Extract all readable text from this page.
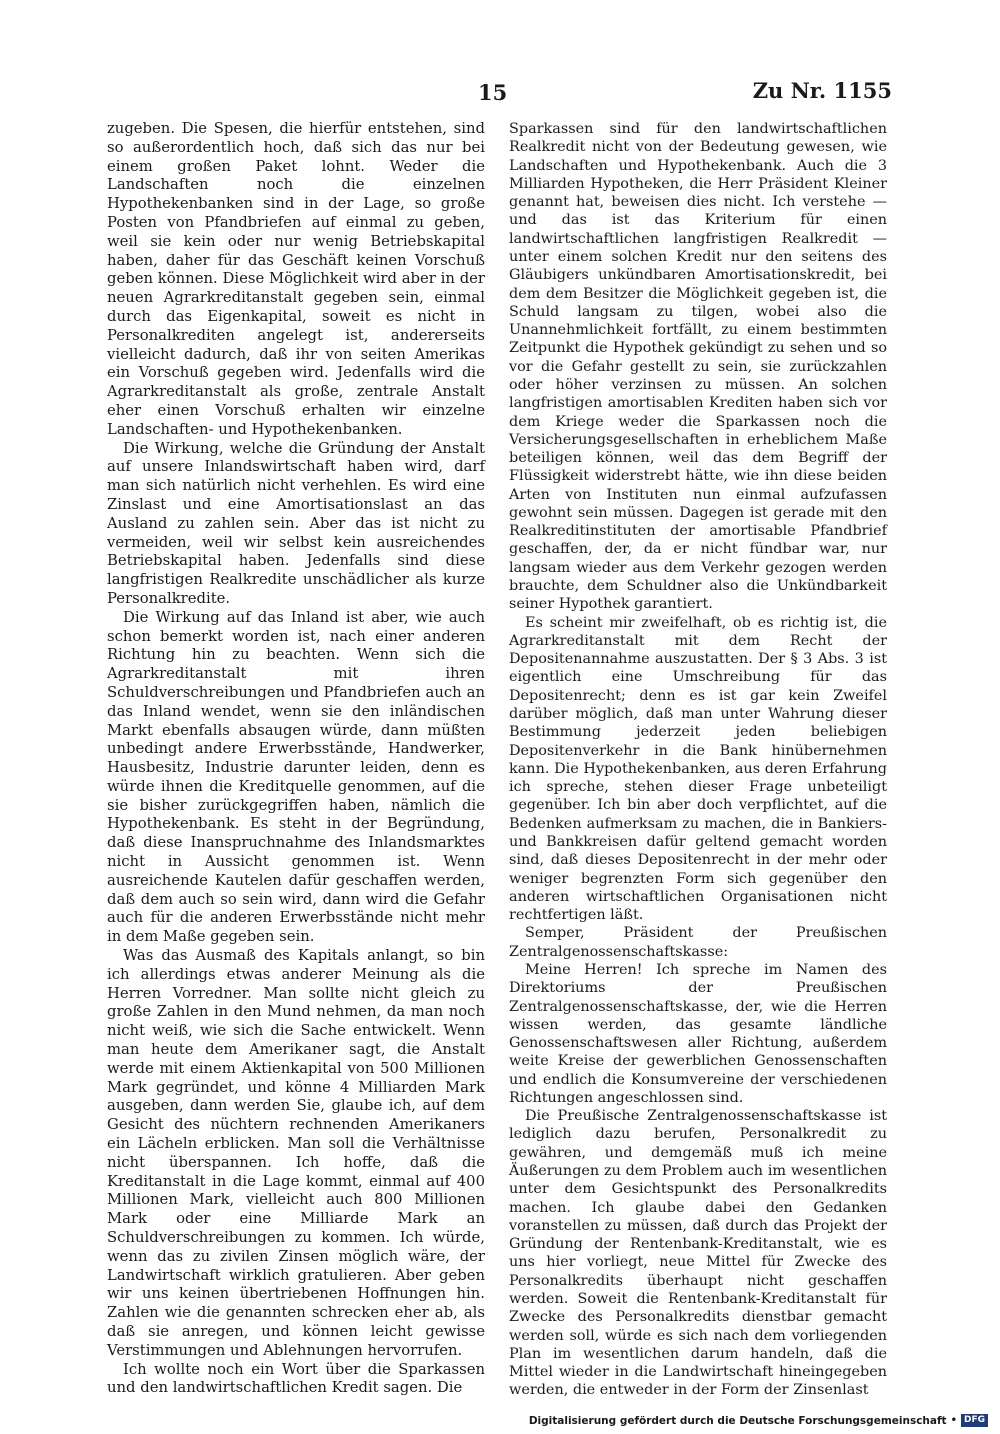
15	Zu Nr. 1155

zugeben. Die Spesen, die hierfür entstehen, sind so außerordentlich hoch, daß sich das nur bei einem großen Paket lohnt. Weder die Landschaften noch die einzelnen Hypothekenbanken sind in der Lage, so große Posten von Pfandbriefen auf einmal zu geben, weil sie kein oder nur wenig Betriebskapital haben, daher für das Geschäft keinen Vorschuß geben können. Diese Möglichkeit wird aber in der neuen Agrarkreditanstalt gegeben sein, einmal durch das Eigenkapital, soweit es nicht in Personalkrediten angelegt ist, andererseits vielleicht dadurch, daß ihr von seiten Amerikas ein Vorschuß gegeben wird. Jedenfalls wird die Agrarkreditanstalt als große, zentrale Anstalt eher einen Vorschuß erhalten wir einzelne Landschaften- und Hypothekenbanken.

Die Wirkung, welche die Gründung der Anstalt auf unsere Inlandswirtschaft haben wird, darf man sich natürlich nicht verhehlen. Es wird eine Zinslast und eine Amortisationslast an das Ausland zu zahlen sein. Aber das ist nicht zu vermeiden, weil wir selbst kein ausreichendes Betriebskapital haben. Jedenfalls sind diese langfristigen Realkredite unschädlicher als kurze Personalkredite.

Die Wirkung auf das Inland ist aber, wie auch schon bemerkt worden ist, nach einer anderen Richtung hin zu beachten. Wenn sich die Agrarkreditanstalt mit ihren Schuldverschreibungen und Pfandbriefen auch an das Inland wendet, wenn sie den inländischen Markt ebenfalls absaugen würde, dann müßten unbedingt andere Erwerbsstände, Handwerker, Hausbesitz, Industrie darunter leiden, denn es würde ihnen die Kreditquelle genommen, auf die sie bisher zurückgegriffen haben, nämlich die Hypothekenbank. Es steht in der Begründung, daß diese Inanspruchnahme des Inlandsmarktes nicht in Aussicht genommen ist. Wenn ausreichende Kautelen dafür geschaffen werden, daß dem auch so sein wird, dann wird die Gefahr auch für die anderen Erwerbsstände nicht mehr in dem Maße gegeben sein.

Was das Ausmaß des Kapitals anlangt, so bin ich allerdings etwas anderer Meinung als die Herren Vorredner. Man sollte nicht gleich zu große Zahlen in den Mund nehmen, da man noch nicht weiß, wie sich die Sache entwickelt. Wenn man heute dem Amerikaner sagt, die Anstalt werde mit einem Aktienkapital von 500 Millionen Mark gegründet, und könne 4 Milliarden Mark ausgeben, dann werden Sie, glaube ich, auf dem Gesicht des nüchtern rechnenden Amerikaners ein Lächeln erblicken. Man soll die Verhältnisse nicht überspannen. Ich hoffe, daß die Kreditanstalt in die Lage kommt, einmal auf 400 Millionen Mark, vielleicht auch 800 Millionen Mark oder eine Milliarde Mark an Schuldverschreibungen zu kommen. Ich würde, wenn das zu zivilen Zinsen möglich wäre, der Landwirtschaft wirklich gratulieren. Aber geben wir uns keinen übertriebenen Hoffnungen hin. Zahlen wie die genannten schrecken eher ab, als daß sie anregen, und können leicht gewisse Verstimmungen und Ablehnungen hervorrufen.

Ich wollte noch ein Wort über die Sparkassen und den landwirtschaftlichen Kredit sagen. Die

Sparkassen sind für den landwirtschaftlichen Realkredit nicht von der Bedeutung gewesen, wie Landschaften und Hypothekenbank. Auch die 3 Milliarden Hypotheken, die Herr Präsident Kleiner genannt hat, beweisen dies nicht. Ich verstehe — und das ist das Kriterium für einen landwirtschaftlichen langfristigen Realkredit — unter einem solchen Kredit nur den seitens des Gläubigers unkündbaren Amortisationskredit, bei dem dem Besitzer die Möglichkeit gegeben ist, die Schuld langsam zu tilgen, wobei also die Unannehmlichkeit fortfällt, zu einem bestimmten Zeitpunkt die Hypothek gekündigt zu sehen und so vor die Gefahr gestellt zu sein, sie zurückzahlen oder höher verzinsen zu müssen. An solchen langfristigen amortisablen Krediten haben sich vor dem Kriege weder die Sparkassen noch die Versicherungsgesellschaften in erheblichem Maße beteiligen können, weil das dem Begriff der Flüssigkeit widerstrebt hätte, wie ihn diese beiden Arten von Instituten nun einmal aufzufassen gewohnt sein müssen. Dagegen ist gerade mit den Realkreditinstituten der amortisable Pfandbrief geschaffen, der, da er nicht fündbar war, nur langsam wieder aus dem Verkehr gezogen werden brauchte, dem Schuldner also die Unkündbarkeit seiner Hypothek garantiert.

Es scheint mir zweifelhaft, ob es richtig ist, die Agrarkreditanstalt mit dem Recht der Depositenannahme auszustatten. Der § 3 Abs. 3 ist eigentlich eine Umschreibung für das Depositenrecht; denn es ist gar kein Zweifel darüber möglich, daß man unter Wahrung dieser Bestimmung jederzeit jeden beliebigen Depositenverkehr in die Bank hinübernehmen kann. Die Hypothekenbanken, aus deren Erfahrung ich spreche, stehen dieser Frage unbeteiligt gegenüber. Ich bin aber doch verpflichtet, auf die Bedenken aufmerksam zu machen, die in Bankiers- und Bankkreisen dafür geltend gemacht worden sind, daß dieses Depositenrecht in der mehr oder weniger begrenzten Form sich gegenüber den anderen wirtschaftlichen Organisationen nicht rechtfertigen läßt.

Semper, Präsident der Preußischen Zentralgenossenschaftskasse:

Meine Herren! Ich spreche im Namen des Direktoriums der Preußischen Zentralgenossenschaftskasse, der, wie die Herren wissen werden, das gesamte ländliche Genossenschaftswesen aller Richtung, außerdem weite Kreise der gewerblichen Genossenschaften und endlich die Konsumvereine der verschiedenen Richtungen angeschlossen sind.

Die Preußische Zentralgenossenschaftskasse ist lediglich dazu berufen, Personalkredit zu gewähren, und demgemäß muß ich meine Äußerungen zu dem Problem auch im wesentlichen unter dem Gesichtspunkt des Personalkredits machen. Ich glaube dabei den Gedanken voranstellen zu müssen, daß durch das Projekt der Gründung der Rentenbank-Kreditanstalt, wie es uns hier vorliegt, neue Mittel für Zwecke des Personalkredits überhaupt nicht geschaffen werden. Soweit die Rentenbank-Kreditanstalt für Zwecke des Personalkredits dienstbar gemacht werden soll, würde es sich nach dem vorliegenden Plan im wesentlichen darum handeln, daß die Mittel wieder in die Landwirtschaft hineingegeben werden, die entweder in der Form der Zinsenlast

Digitalisierung gefördert durch die Deutsche Forschungsgemeinschaft • DFG
